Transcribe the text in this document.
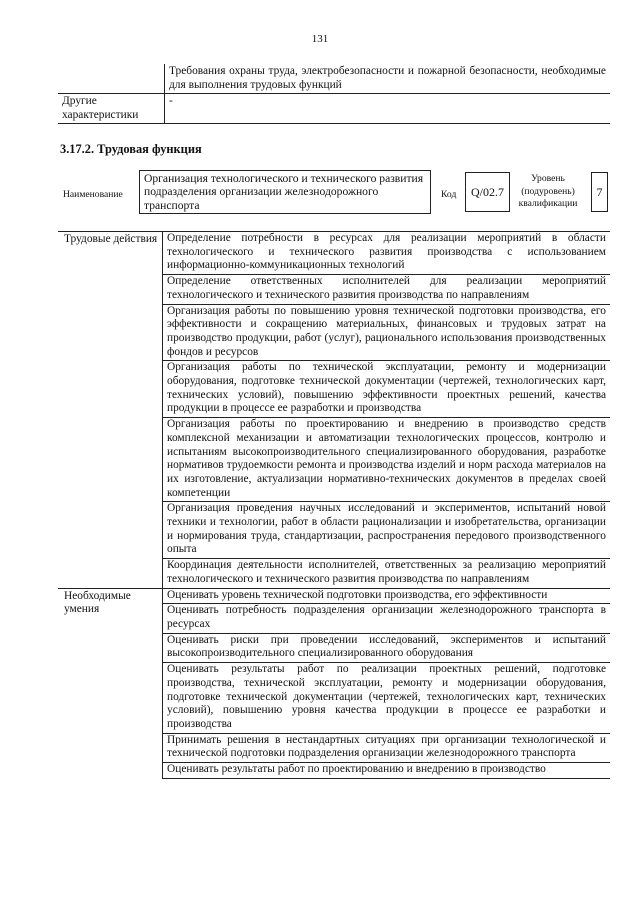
131
	Требования охраны труда, электробезопасности и пожарной безопасности, необходимые для выполнения трудовых функций
Другие характеристики	-
3.17.2. Трудовая функция
Наименование
Организация технологического и технического развития подразделения организации железнодорожного транспорта
Код	Q/02.7
Уровень (подуровень) квалификации
7
Трудовые действия	Определение потребности в ресурсах для реализации мероприятий в области технологического и технического развития производства с использованием информационно-коммуникационных технологий
	Определение ответственных исполнителей для реализации мероприятий технологического и технического развития производства по направлениям
	Организация работы по повышению уровня технической подготовки производства, его эффективности и сокращению материальных, финансовых и трудовых затрат на производство продукции, работ (услуг), рационального использования производственных фондов и ресурсов
	Организация работы по технической эксплуатации, ремонту и модернизации оборудования, подготовке технической документации (чертежей, технологических карт, технических условий), повышению эффективности проектных решений, качества продукции в процессе ее разработки и производства
	Организация работы по проектированию и внедрению в производство средств комплексной механизации и автоматизации технологических процессов, контролю и испытаниям высокопроизводительного специализированного оборудования, разработке нормативов трудоемкости ремонта и производства изделий и норм расхода материалов на их изготовление, актуализации нормативно-технических документов в пределах своей компетенции
	Организация проведения научных исследований и экспериментов, испытаний новой техники и технологии, работ в области рационализации и изобретательства, организации и нормирования труда, стандартизации, распространения передового производственного опыта
	Координация деятельности исполнителей, ответственных за реализацию мероприятий технологического и технического развития производства по направлениям
Необходимые умения	Оценивать уровень технической подготовки производства, его эффективности
	Оценивать потребность подразделения организации железнодорожного транспорта в ресурсах
	Оценивать риски при проведении исследований, экспериментов и испытаний высокопроизводительного специализированного оборудования
	Оценивать результаты работ по реализации проектных решений, подготовке производства, технической эксплуатации, ремонту и модернизации оборудования, подготовке технической документации (чертежей, технологических карт, технических условий), повышению уровня качества продукции в процессе ее разработки и производства
	Принимать решения в нестандартных ситуациях при организации технологической и технической подготовки подразделения организации железнодорожного транспорта
	Оценивать результаты работ по проектированию и внедрению в производство
